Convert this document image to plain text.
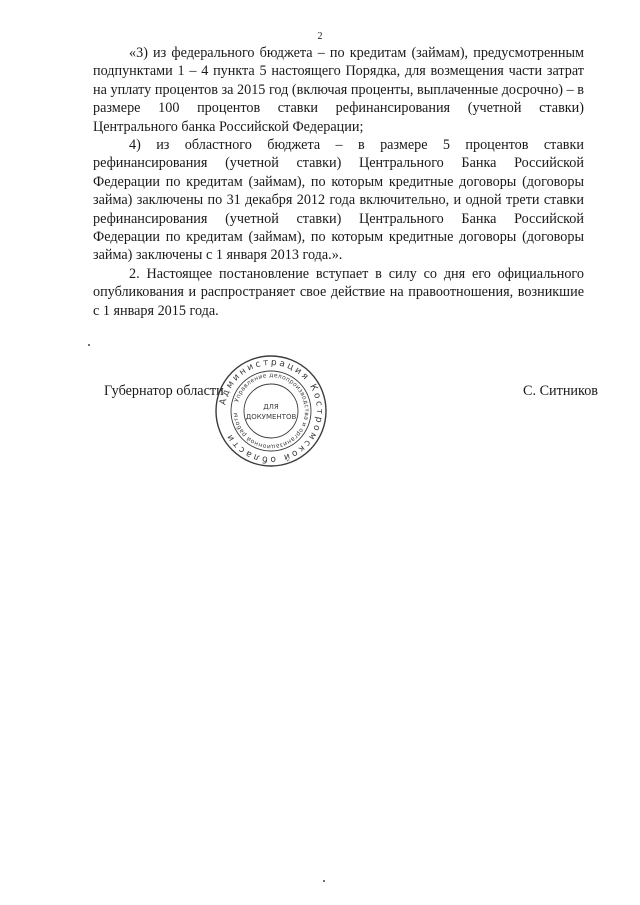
2

«3) из федерального бюджета – по кредитам (займам), предусмотренным подпунктами 1 – 4 пункта 5 настоящего Порядка, для возмещения части затрат на уплату процентов за 2015 год (включая проценты, выплаченные досрочно) – в размере 100 процентов ставки рефинансирования (учетной ставки) Центрального банка Российской Федерации;

4) из областного бюджета – в размере 5 процентов ставки рефинансирования (учетной ставки) Центрального Банка Российской Федерации по кредитам (займам), по которым кредитные договоры (договоры займа) заключены по 31 декабря 2012 года включительно, и одной трети ставки рефинансирования (учетной ставки) Центрального Банка Российской Федерации по кредитам (займам), по которым кредитные договоры (договоры займа) заключены с 1 января 2013 года.».

2. Настоящее постановление вступает в силу со дня его официального опубликования и распространяет свое действие на правоотношения, возникшие с 1 января 2015 года.

Губернатор области
Администрация Костромской области
Управление делопроизводства и организационной работы
ДЛЯ
ДОКУМЕНТОВ
С. Ситников
